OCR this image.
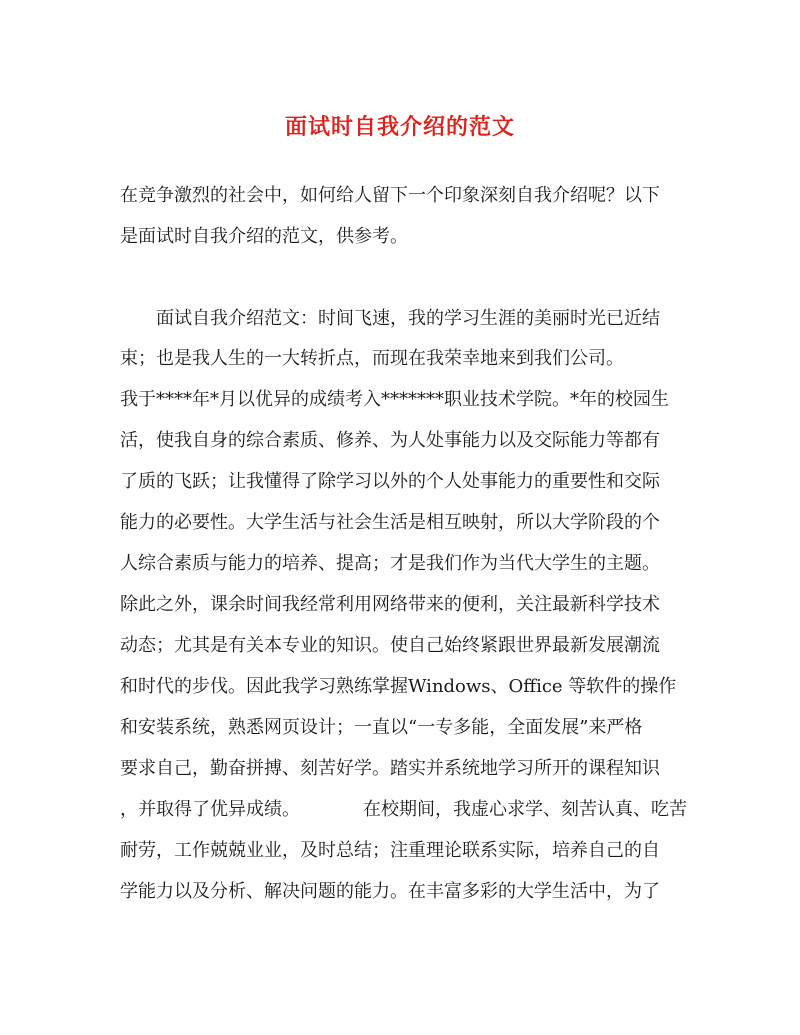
面试时自我介绍的范文
在竞争激烈的社会中，如何给人留下一个印象深刻自我介绍呢？以下
是面试时自我介绍的范文，供参考。
　　面试自我介绍范文：时间飞速，我的学习生涯的美丽时光已近结
束；也是我人生的一大转折点，而现在我荣幸地来到我们公司。
我于****年*月以优异的成绩考入*******职业技术学院。*年的校园生
活，使我自身的综合素质、修养、为人处事能力以及交际能力等都有
了质的飞跃；让我懂得了除学习以外的个人处事能力的重要性和交际
能力的必要性。大学生活与社会生活是相互映射，所以大学阶段的个
人综合素质与能力的培养、提高；才是我们作为当代大学生的主题。
除此之外，课余时间我经常利用网络带来的便利，关注最新科学技术
动态；尤其是有关本专业的知识。使自己始终紧跟世界最新发展潮流
和时代的步伐。因此我学习熟练掌握Windows、Office 等软件的操作
和安装系统，熟悉网页设计；一直以“一专多能，全面发展”来严格
要求自己，勤奋拼搏、刻苦好学。踏实并系统地学习所开的课程知识
，并取得了优异成绩。　　　　在校期间，我虚心求学、刻苦认真、吃苦
耐劳，工作兢兢业业，及时总结；注重理论联系实际，培养自己的自
学能力以及分析、解决问题的能力。在丰富多彩的大学生活中，为了
